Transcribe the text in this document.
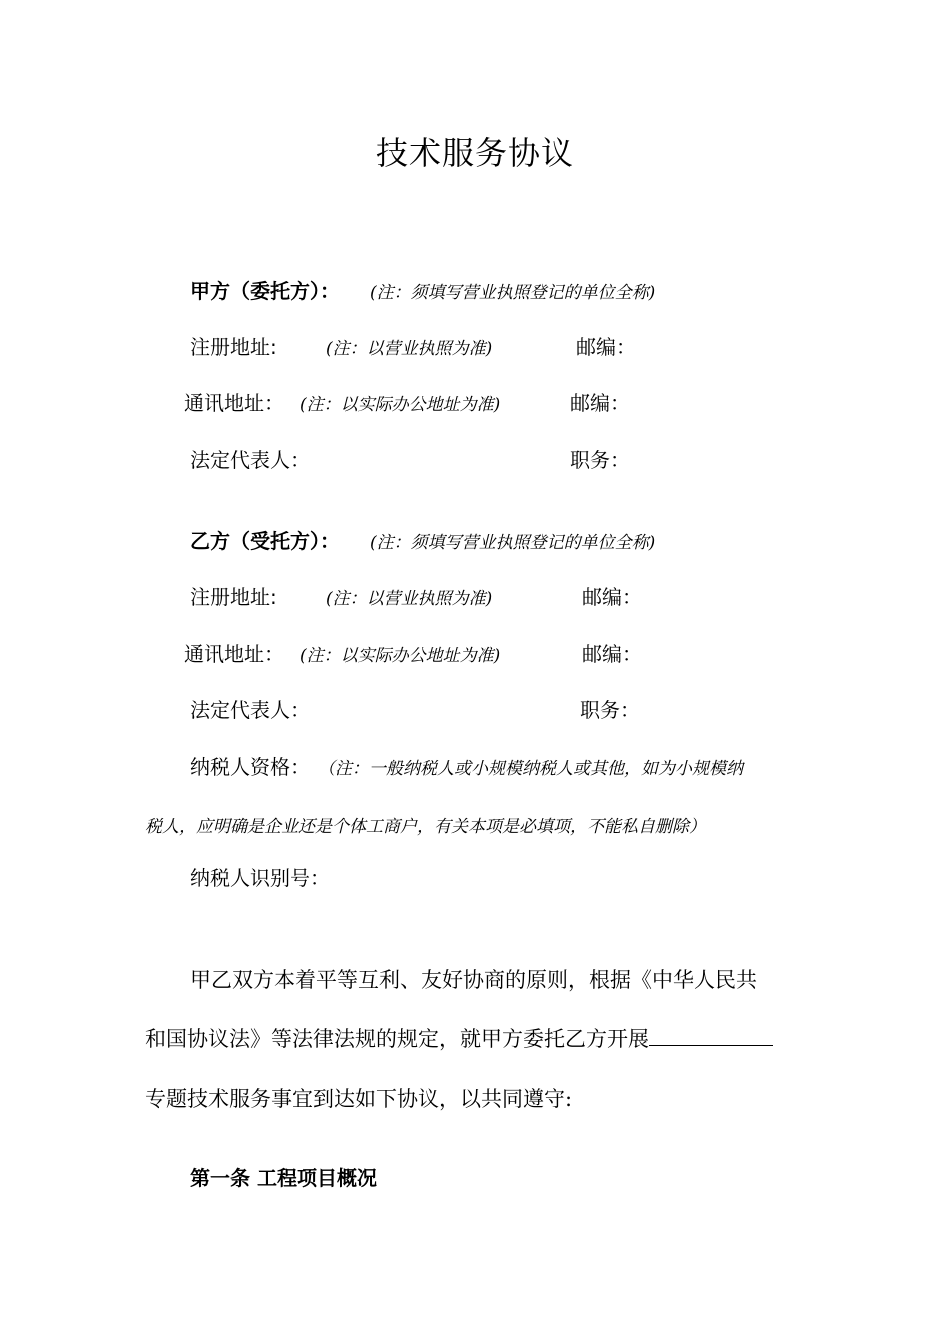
技术服务协议
甲方（委托方）： (注：须填写营业执照登记的单位全称)
注册地址:	(注：以营业执照为准)	邮编：
通讯地址： (注：以实际办公地址为准)	邮编：
法定代表人：	职务：
乙方（受托方）： (注：须填写营业执照登记的单位全称)
注册地址:	(注：以营业执照为准)	邮编：
通讯地址： (注：以实际办公地址为准)	邮编：
法定代表人：	职务：
纳税人资格： （注：一般纳税人或小规模纳税人或其他，如为小规模纳
税人，应明确是企业还是个体工商户，有关本项是必填项，不能私自删除）
纳税人识别号：
甲乙双方本着平等互利、友好协商的原则，根据《中华人民共
和国协议法》等法律法规的规定，就甲方委托乙方开展
专题技术服务事宜到达如下协议，以共同遵守:
第一条 工程项目概况
